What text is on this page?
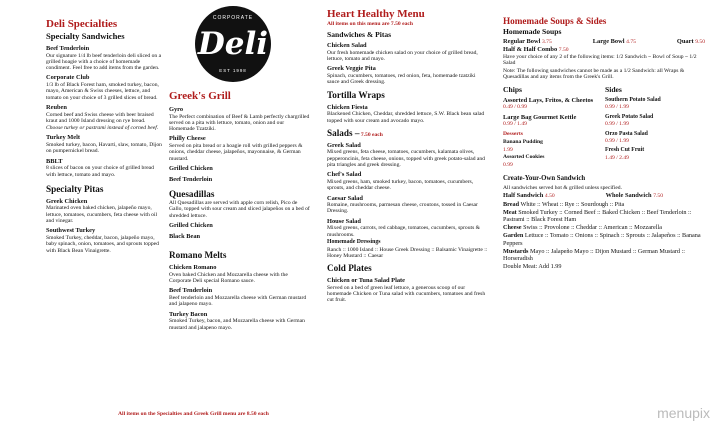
Deli Specialties
Specialty Sandwiches
Beef Tenderloin
Our signature 1/4 lb beef tenderloin deli sliced on a grilled hoagie with a choice of homemade condiment. Feel free to add items from the garden.
Corporate Club
1/3 lb of Black Forest ham, smoked turkey, bacon, mayo, American & Swiss cheeses, lettuce, and tomato on your choice of 3 grilled slices of bread.
Reuben
Corned beef and Swiss cheese with beer braised kraut and 1000 Island dressing on rye bread.
Choose turkey or pastrami instead of corned beef.
Turkey Melt
Smoked turkey, bacon, Havarti, slaw, tomato, Dijon on pumpernickel bread.
BBLT
8 slices of bacon on your choice of grilled bread with lettuce, tomato and mayo.
Specialty Pitas
Greek Chicken
Marinated oven baked chicken, jalapeño mayo, lettuce, tomatoes, cucumbers, feta cheese with oil and vinegar.
Southwest Turkey
Smoked Turkey, cheddar, bacon, jalapeño mayo, baby spinach, onion, tomatoes, and sprouts topped with Black Bean Vinaigrette.
All items on the Specialties and Greek Grill menu are 8.50 each
CORPORATE
Deli
EST 1998
Greek's Grill
Gyro
The Perfect combination of Beef & Lamb perfectly chargrilled served on a pita with lettuce, tomato, onion and our Homemade Tzatziki.
Philly Cheese
Served on pita bread or a hoagie roll with grilled peppers & onions, cheddar cheese, jalapeños, mayonnaise, & German mustard.
Grilled Chicken
Beef Tenderloin
Quesadillas
All Quesadillas are served with apple corn relish, Pico de Gallo, topped with sour cream and sliced jalapeños on a bed of shredded lettuce.
Grilled Chicken
Black Bean
Romano Melts
Chicken Romano
Oven baked Chicken and Mozzarella cheese with the Corporate Deli special Romano sauce.
Beef Tenderloin
Beef tenderloin and Mozzarella cheese with German mustard and jalapeno mayo.
Turkey Bacon
Smoked Turkey, bacon, and Mozzarella cheese with German mustard and jalapeno mayo.
Heart Healthy Menu
All items on this menu are 7.50 each
Sandwiches & Pitas
Chicken Salad
Our fresh homemade chicken salad on your choice of grilled bread, lettuce, tomato and mayo.
Greek Veggie Pita
Spinach, cucumbers, tomatoes, red onion, feta, homemade tzatziki sauce and Greek dressing.
Tortilla Wraps
Chicken Fiesta
Blackened Chicken, Cheddar, shredded lettuce, S.W. Black bean salad topped with sour cream and avocado mayo.
Salads – 7.50 each
Greek Salad
Mixed greens, feta cheese, tomatoes, cucumbers, kalamata olives, pepperoncinis, feta cheese, onions, topped with greek potato-salad and pita triangles and greek dressing.
Chef's Salad
Mixed greens, ham, smoked turkey, bacon, tomatoes, cucumbers, sprouts, and cheddar cheese.
Caesar Salad
Romaine, mushrooms, parmesan cheese, croutons, tossed in Caesar Dressing.
House Salad
Mixed greens, carrots, red cabbage, tomatoes, cucumbers, sprouts & mushrooms.
Homemade Dressings
Ranch :: 1000 Island :: House Greek Dressing :: Balsamic Vinaigrette :: Honey Mustard :: Caesar
Cold Plates
Chicken or Tuna Salad Plate
Served on a bed of green leaf lettuce, a generous scoop of our homemade Chicken or Tuna salad with cucumbers, tomatoes and fresh cut fruit.
Homemade Soups & Sides
Homemade Soups
Regular Bowl 3.75	Large Bowl 4.75	Quart 9.50
Half & Half Combo 7.50
Have your choice of any 2 of the following items: 1/2 Sandwich ~ Bowl of Soup ~ 1/2 Salad
Note: The following sandwiches cannot be made as a 1/2 Sandwich: all Wraps & Quesadillas and any items from the Greek's Grill.
Chips
Assorted Lays, Fritos, & Cheetos
0.49 / 0.99
Large Bag Gourmet Kettle
0.99 / 1.49
Desserts
Banana Pudding
1.99
Assorted Cookies
0.99
Sides
Southern Potato Salad
0.99 / 1.99
Greek Potato Salad
0.99 / 1.99
Orzo Pasta Salad
0.99 / 1.99
Fresh Cut Fruit
1.49 / 2.49
Create-Your-Own Sandwich
All sandwiches served hot & grilled unless specified.
Half Sandwich 4.50	Whole Sandwich 7.50
Bread White :: Wheat :: Rye :: Sourdough :: Pita
Meat Smoked Turkey :: Corned Beef :: Baked Chicken :: Beef Tenderloin :: Pastrami :: Black Forest Ham
Cheese Swiss :: Provolone :: Cheddar :: American :: Mozzarella
Garden Lettuce :: Tomato :: Onions :: Spinach :: Sprouts :: Jalapeños :: Banana Peppers
Mustards Mayo :: Jalapeño Mayo :: Dijon Mustard :: German Mustard :: Horseradish
Double Meat: Add 1.99
menupix
